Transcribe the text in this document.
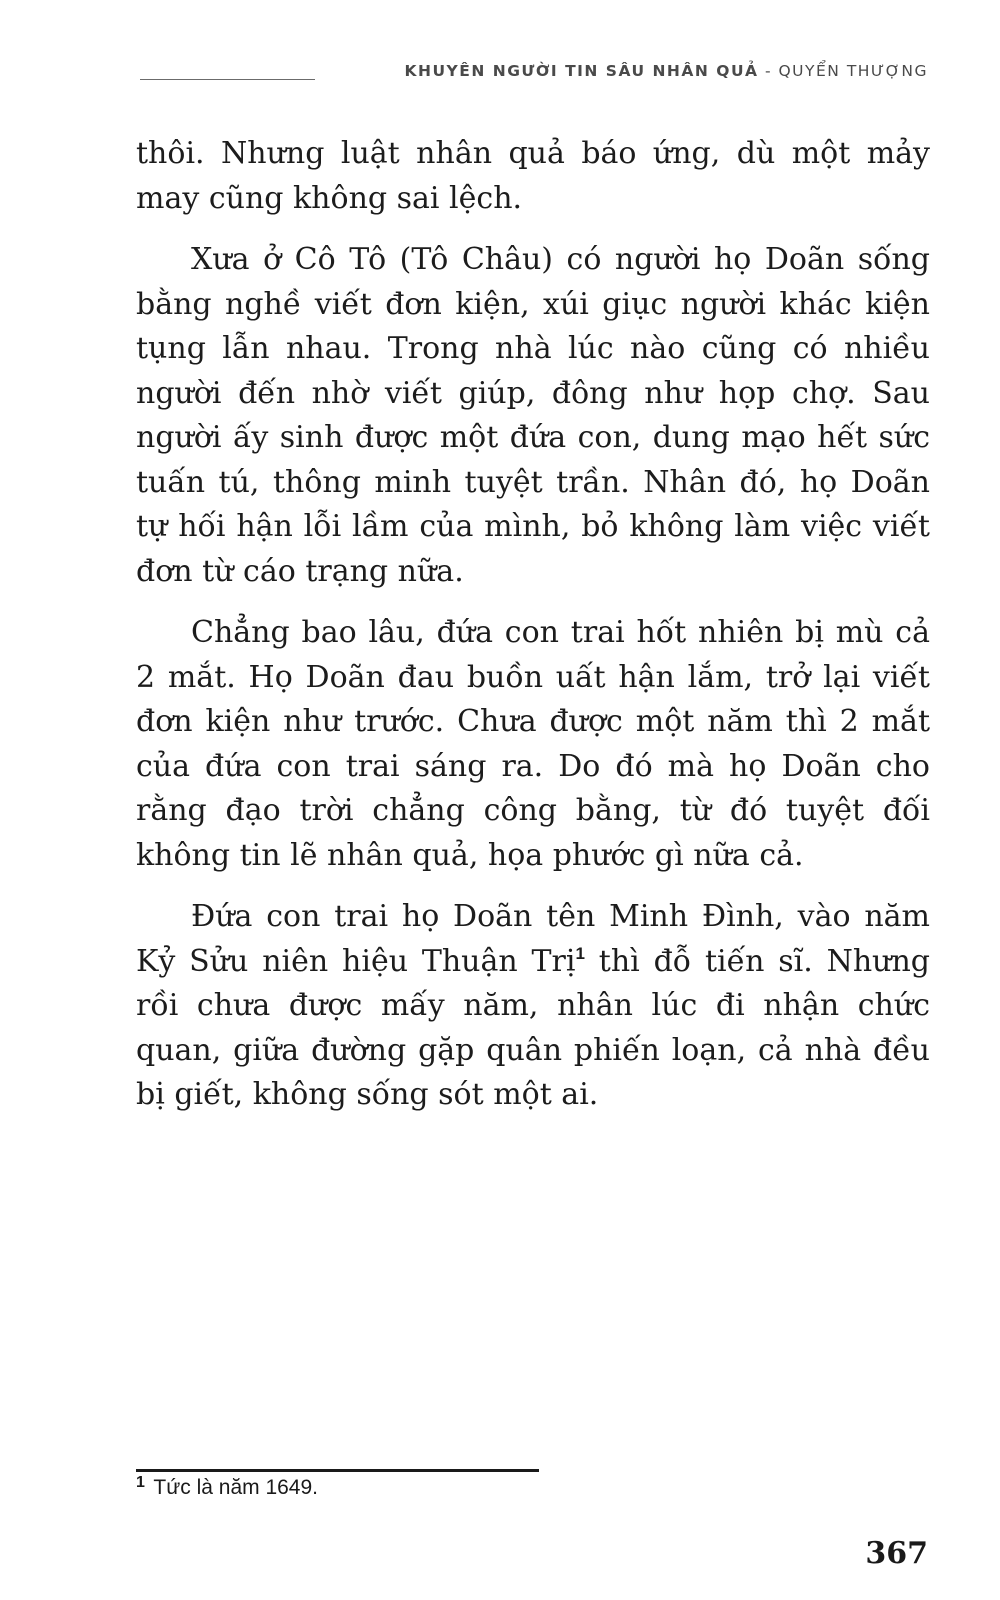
KHUYÊN NGƯỜI TIN SÂU NHÂN QUẢ - QUYỂN THƯỢNG

thôi. Nhưng luật nhân quả báo ứng, dù một mảy may cũng không sai lệch.

Xưa ở Cô Tô (Tô Châu) có người họ Doãn sống bằng nghề viết đơn kiện, xúi giục người khác kiện tụng lẫn nhau. Trong nhà lúc nào cũng có nhiều người đến nhờ viết giúp, đông như họp chợ. Sau người ấy sinh được một đứa con, dung mạo hết sức tuấn tú, thông minh tuyệt trần. Nhân đó, họ Doãn tự hối hận lỗi lầm của mình, bỏ không làm việc viết đơn từ cáo trạng nữa.

Chẳng bao lâu, đứa con trai hốt nhiên bị mù cả 2 mắt. Họ Doãn đau buồn uất hận lắm, trở lại viết đơn kiện như trước. Chưa được một năm thì 2 mắt của đứa con trai sáng ra. Do đó mà họ Doãn cho rằng đạo trời chẳng công bằng, từ đó tuyệt đối không tin lẽ nhân quả, họa phước gì nữa cả.

Đứa con trai họ Doãn tên Minh Đình, vào năm Kỷ Sửu niên hiệu Thuận Trị$^1$ thì đỗ tiến sĩ. Nhưng rồi chưa được mấy năm, nhân lúc đi nhận chức quan, giữa đường gặp quân phiến loạn, cả nhà đều bị giết, không sống sót một ai.

$^1$ Tức là năm 1649.
367
